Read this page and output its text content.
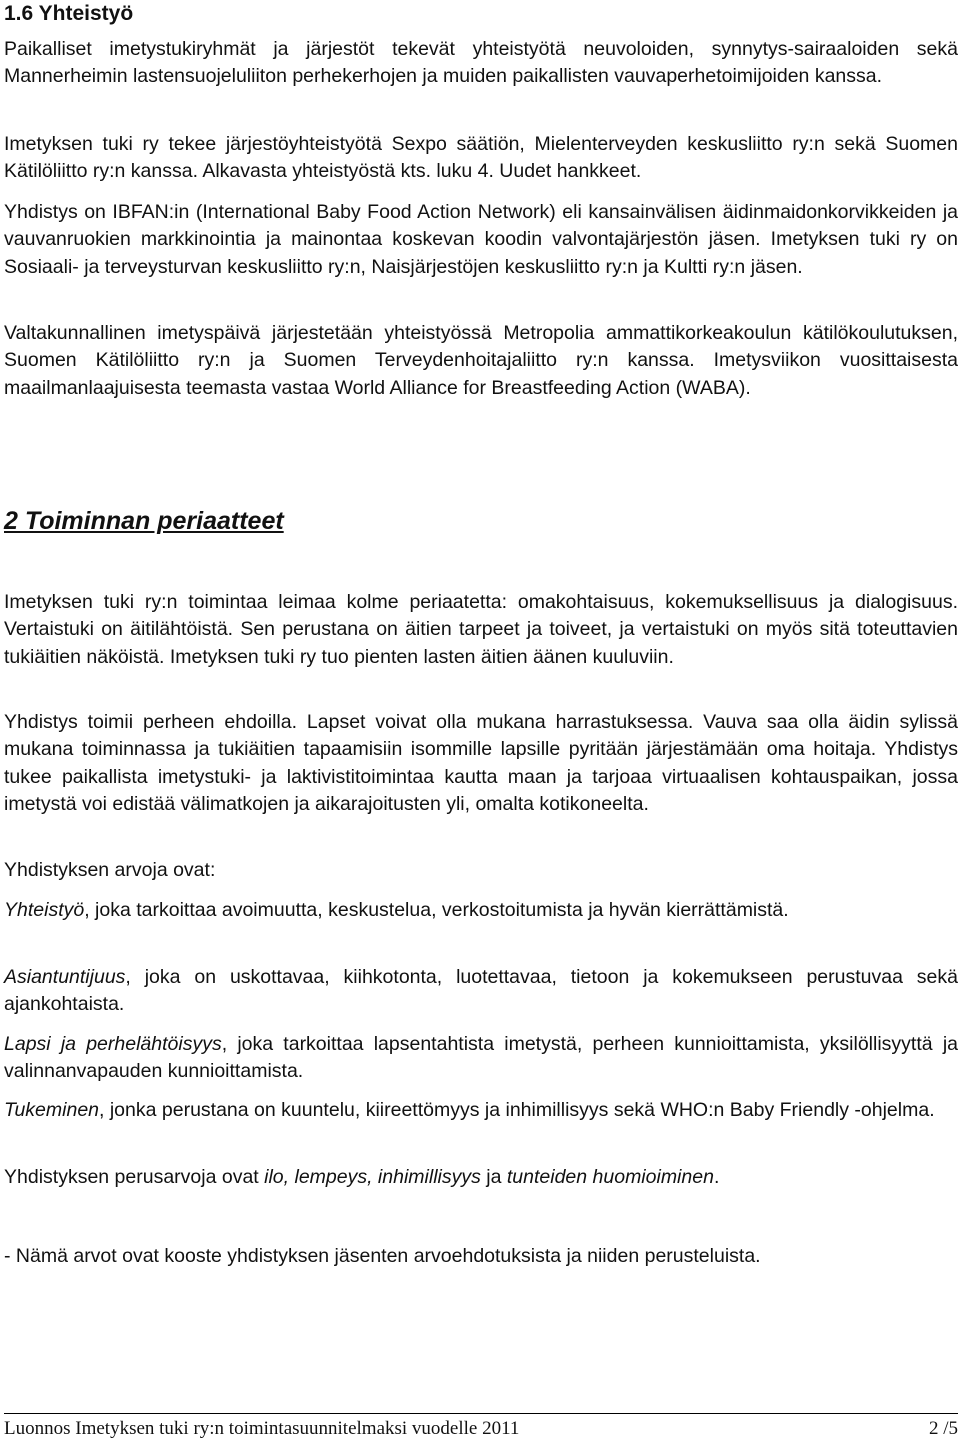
1.6 Yhteistyö

Paikalliset imetystukiryhmät ja järjestöt tekevät yhteistyötä neuvoloiden, synnytys-sairaaloiden sekä Mannerheimin lastensuojeluliiton perhekerhojen ja muiden paikallisten vauvaperhetoimijoiden kanssa.

Imetyksen tuki ry tekee järjestöyhteistyötä Sexpo säätiön, Mielenterveyden keskusliitto ry:n sekä Suomen Kätilöliitto ry:n kanssa. Alkavasta yhteistyöstä kts. luku 4. Uudet hankkeet.

Yhdistys on IBFAN:in (International Baby Food Action Network) eli kansainvälisen äidinmaidonkorvikkeiden ja vauvanruokien markkinointia ja mainontaa koskevan koodin valvontajärjestön jäsen. Imetyksen tuki ry on Sosiaali- ja terveysturvan keskusliitto ry:n, Naisjärjestöjen keskusliitto ry:n ja Kultti ry:n jäsen.

Valtakunnallinen imetyspäivä järjestetään yhteistyössä Metropolia ammattikorkeakoulun kätilökoulutuksen, Suomen Kätilöliitto ry:n ja Suomen Terveydenhoitajaliitto ry:n kanssa. Imetysviikon vuosittaisesta maailmanlaajuisesta teemasta vastaa World Alliance for Breastfeeding Action (WABA).

2 Toiminnan periaatteet

Imetyksen tuki ry:n toimintaa leimaa kolme periaatetta: omakohtaisuus, kokemuksellisuus ja dialogisuus. Vertaistuki on äitilähtöistä. Sen perustana on äitien tarpeet ja toiveet, ja vertaistuki on myös sitä toteuttavien tukiäitien näköistä. Imetyksen tuki ry tuo pienten lasten äitien äänen kuuluviin.

Yhdistys toimii perheen ehdoilla. Lapset voivat olla mukana harrastuksessa. Vauva saa olla äidin sylissä mukana toiminnassa ja tukiäitien tapaamisiin isommille lapsille pyritään järjestämään oma hoitaja. Yhdistys tukee paikallista imetystuki- ja laktivistitoimintaa kautta maan ja tarjoaa virtuaalisen kohtauspaikan, jossa imetystä voi edistää välimatkojen ja aikarajoitusten yli, omalta kotikoneelta.

Yhdistyksen arvoja ovat:

Yhteistyö, joka tarkoittaa avoimuutta, keskustelua, verkostoitumista ja hyvän kierrättämistä.

Asiantuntijuus, joka on uskottavaa, kiihkotonta, luotettavaa, tietoon ja kokemukseen perustuvaa sekä ajankohtaista.

Lapsi ja perhelähtöisyys, joka tarkoittaa lapsentahtista imetystä, perheen kunnioittamista, yksilöllisyyttä ja valinnanvapauden kunnioittamista.

Tukeminen, jonka perustana on kuuntelu, kiireettömyys ja inhimillisyys sekä WHO:n Baby Friendly -ohjelma.

Yhdistyksen perusarvoja ovat ilo, lempeys, inhimillisyys ja tunteiden huomioiminen.

- Nämä arvot ovat kooste yhdistyksen jäsenten arvoehdotuksista ja niiden perusteluista.

Luonnos Imetyksen tuki ry:n toimintasuunnitelmaksi vuodelle 2011	2 /5
